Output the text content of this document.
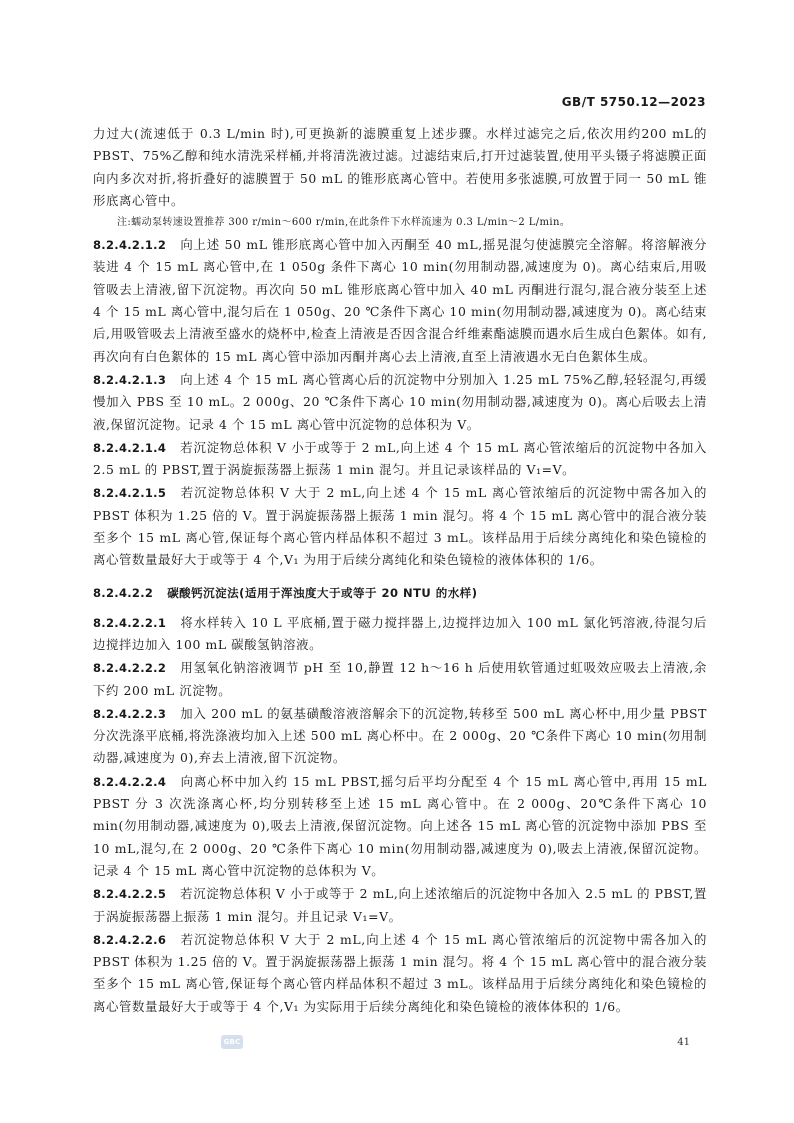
GB/T 5750.12—2023

力过大(流速低于 0.3 L/min 时),可更换新的滤膜重复上述步骤。水样过滤完之后,依次用约200 mL的 PBST、75%乙醇和纯水清洗采样桶,并将清洗液过滤。过滤结束后,打开过滤装置,使用平头镊子将滤膜正面向内多次对折,将折叠好的滤膜置于 50 mL 的锥形底离心管中。若使用多张滤膜,可放置于同一 50 mL 锥形底离心管中。

注:蠕动泵转速设置推荐 300 r/min～600 r/min,在此条件下水样流速为 0.3 L/min～2 L/min。

8.2.4.2.1.2 向上述 50 mL 锥形底离心管中加入丙酮至 40 mL,摇晃混匀使滤膜完全溶解。将溶解液分装进 4 个 15 mL 离心管中,在 1 050g 条件下离心 10 min(勿用制动器,减速度为 0)。离心结束后,用吸管吸去上清液,留下沉淀物。再次向 50 mL 锥形底离心管中加入 40 mL 丙酮进行混匀,混合液分装至上述 4 个 15 mL 离心管中,混匀后在 1 050g、20 ℃条件下离心 10 min(勿用制动器,减速度为 0)。离心结束后,用吸管吸去上清液至盛水的烧杯中,检查上清液是否因含混合纤维素酯滤膜而遇水后生成白色絮体。如有,再次向有白色絮体的 15 mL 离心管中添加丙酮并离心去上清液,直至上清液遇水无白色絮体生成。

8.2.4.2.1.3 向上述 4 个 15 mL 离心管离心后的沉淀物中分别加入 1.25 mL 75%乙醇,轻轻混匀,再缓慢加入 PBS 至 10 mL。2 000g、20 ℃条件下离心 10 min(勿用制动器,减速度为 0)。离心后吸去上清液,保留沉淀物。记录 4 个 15 mL 离心管中沉淀物的总体积为 V。

8.2.4.2.1.4 若沉淀物总体积 V 小于或等于 2 mL,向上述 4 个 15 mL 离心管浓缩后的沉淀物中各加入 2.5 mL 的 PBST,置于涡旋振荡器上振荡 1 min 混匀。并且记录该样品的 V₁=V。

8.2.4.2.1.5 若沉淀物总体积 V 大于 2 mL,向上述 4 个 15 mL 离心管浓缩后的沉淀物中需各加入的 PBST 体积为 1.25 倍的 V。置于涡旋振荡器上振荡 1 min 混匀。将 4 个 15 mL 离心管中的混合液分装至多个 15 mL 离心管,保证每个离心管内样品体积不超过 3 mL。该样品用于后续分离纯化和染色镜检的离心管数量最好大于或等于 4 个,V₁ 为用于后续分离纯化和染色镜检的液体体积的 1/6。

8.2.4.2.2 碳酸钙沉淀法(适用于浑浊度大于或等于 20 NTU 的水样)

8.2.4.2.2.1 将水样转入 10 L 平底桶,置于磁力搅拌器上,边搅拌边加入 100 mL 氯化钙溶液,待混匀后边搅拌边加入 100 mL 碳酸氢钠溶液。

8.2.4.2.2.2 用氢氧化钠溶液调节 pH 至 10,静置 12 h～16 h 后使用软管通过虹吸效应吸去上清液,余下约 200 mL 沉淀物。

8.2.4.2.2.3 加入 200 mL 的氨基磺酸溶液溶解余下的沉淀物,转移至 500 mL 离心杯中,用少量 PBST 分次洗涤平底桶,将洗涤液均加入上述 500 mL 离心杯中。在 2 000g、20 ℃条件下离心 10 min(勿用制动器,减速度为 0),弃去上清液,留下沉淀物。

8.2.4.2.2.4 向离心杯中加入约 15 mL PBST,摇匀后平均分配至 4 个 15 mL 离心管中,再用 15 mL PBST 分 3 次洗涤离心杯,均分别转移至上述 15 mL 离心管中。在 2 000g、20℃条件下离心 10 min(勿用制动器,减速度为 0),吸去上清液,保留沉淀物。向上述各 15 mL 离心管的沉淀物中添加 PBS 至 10 mL,混匀,在 2 000g、20 ℃条件下离心 10 min(勿用制动器,减速度为 0),吸去上清液,保留沉淀物。记录 4 个 15 mL 离心管中沉淀物的总体积为 V。

8.2.4.2.2.5 若沉淀物总体积 V 小于或等于 2 mL,向上述浓缩后的沉淀物中各加入 2.5 mL 的 PBST,置于涡旋振荡器上振荡 1 min 混匀。并且记录 V₁=V。

8.2.4.2.2.6 若沉淀物总体积 V 大于 2 mL,向上述 4 个 15 mL 离心管浓缩后的沉淀物中需各加入的 PBST 体积为 1.25 倍的 V。置于涡旋振荡器上振荡 1 min 混匀。将 4 个 15 mL 离心管中的混合液分装至多个 15 mL 离心管,保证每个离心管内样品体积不超过 3 mL。该样品用于后续分离纯化和染色镜检的离心管数量最好大于或等于 4 个,V₁ 为实际用于后续分离纯化和染色镜检的液体体积的 1/6。

GBC	41
